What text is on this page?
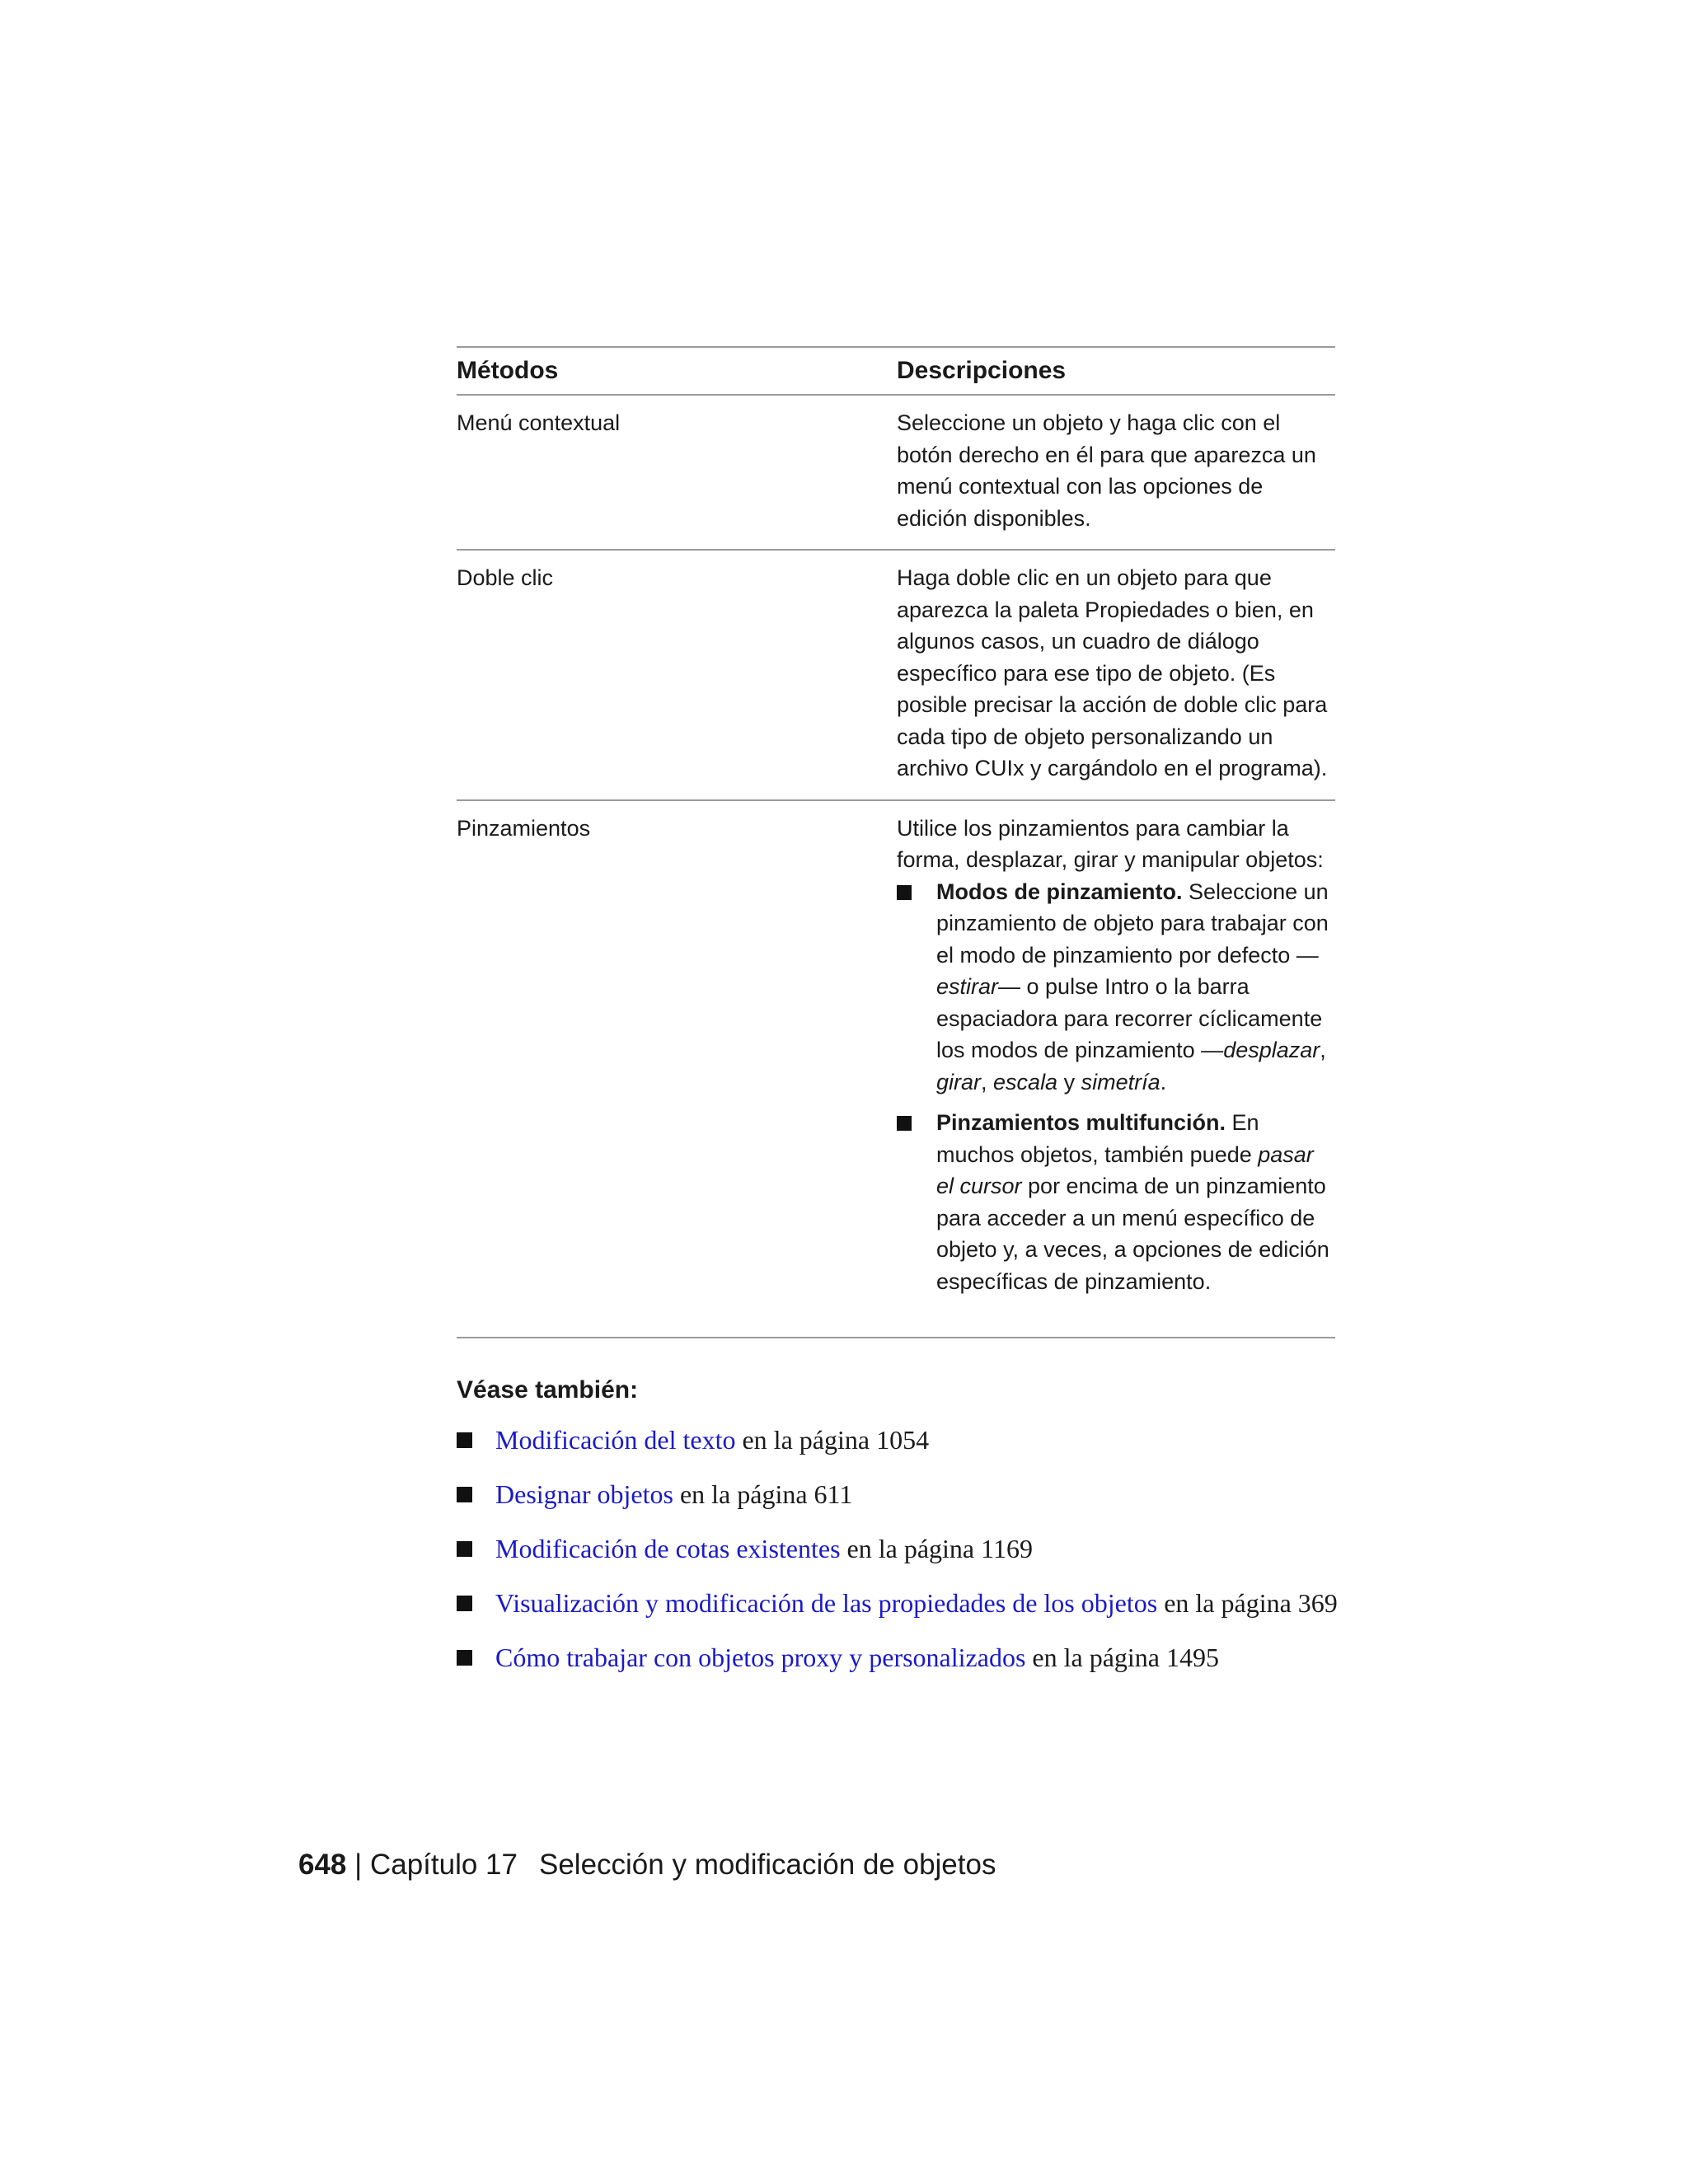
Métodos	Descripciones
Menú contextual	Seleccione un objeto y haga clic con el botón derecho en él para que aparezca un menú contextual con las opciones de edición disponibles.

Doble clic	Haga doble clic en un objeto para que aparezca la paleta Propiedades o bien, en algunos casos, un cuadro de diálogo específico para ese tipo de objeto. (Es posible precisar la acción de doble clic para cada tipo de objeto personalizando un archivo CUIx y cargándolo en el programa).

Pinzamientos	Utilice los pinzamientos para cambiar la forma, desplazar, girar y manipular objetos:

Modos de pinzamiento. Seleccione un pinzamiento de objeto para trabajar con el modo de pinzamiento por defecto —estirar— o pulse Intro o la barra espaciadora para recorrer cíclicamente los modos de pinzamiento —desplazar, girar, escala y simetría.
Pinzamientos multifunción. En muchos objetos, también puede pasar el cursor por encima de un pinzamiento para acceder a un menú específico de objeto y, a veces, a opciones de edición específicas de pinzamiento.
Véase también:
Modificación del texto en la página 1054
Designar objetos en la página 611
Modificación de cotas existentes en la página 1169
Visualización y modificación de las propiedades de los objetos en la página 369
Cómo trabajar con objetos proxy y personalizados en la página 1495
648 | Capítulo 17 Selección y modificación de objetos
